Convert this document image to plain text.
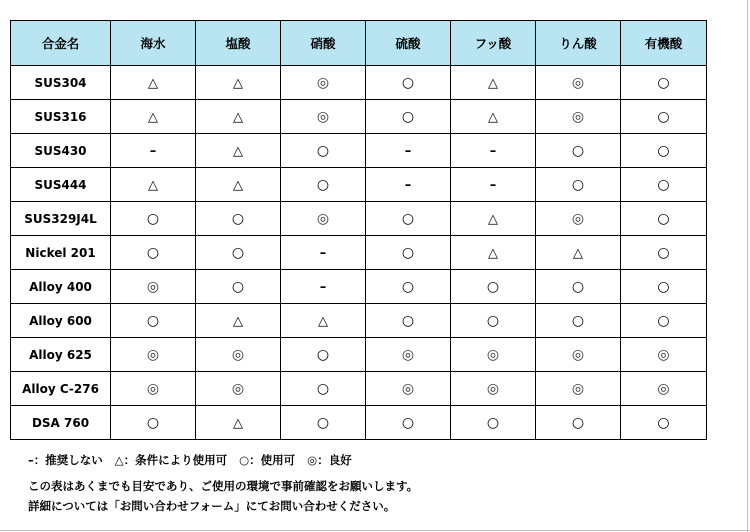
合金名	海水	塩酸	硝酸	硫酸	フッ酸	りん酸	有機酸
SUS304	△	△	◎	○	△	◎	○
SUS316	△	△	◎	○	△	◎	○
SUS430	–	△	○	–	–	○	○
SUS444	△	△	○	–	–	○	○
SUS329J4L	○	○	◎	○	△	◎	○
Nickel 201	○	○	–	○	△	△	○
Alloy 400	◎	○	–	○	○	○	○
Alloy 600	○	△	△	○	○	○	○
Alloy 625	◎	◎	○	◎	◎	◎	◎
Alloy C-276	◎	◎	○	◎	◎	◎	◎
DSA 760	○	△	○	○	○	○	○
–：推奨しない △：条件により使用可 ○：使用可 ◎：良好
この表はあくまでも目安であり、ご使用の環境で事前確認をお願いします。
詳細については「お問い合わせフォーム」にてお問い合わせください。
